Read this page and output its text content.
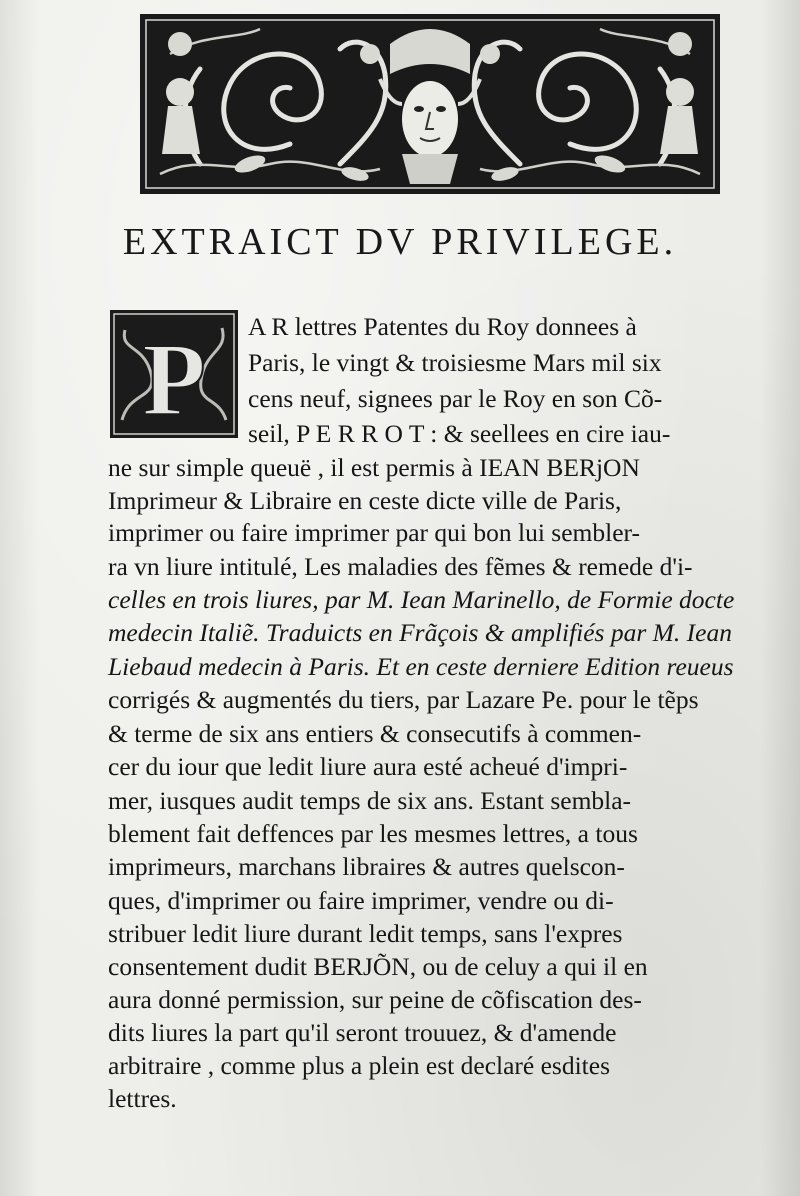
EXTRAICT DV PRIVILEGE.
P A R lettres Patentes du Roy donnees à
Paris, le vingt & troisiesme Mars mil six
cens neuf, signees par le Roy en son Cõ-
seil, P E R R O T : & seellees en cire iau-
ne sur simple queuë , il est permis à IEAN BERjON
Imprimeur & Libraire en ceste dicte ville de Paris,
imprimer ou faire imprimer par qui bon lui sembler-
ra vn liure intitulé, Les maladies des fẽmes & remede d'i-
celles en trois liures, par M. Iean Marinello, de Formie docte
medecin Italiẽ. Traduicts en Frãçois & amplifiés par M. Iean
Liebaud medecin à Paris. Et en ceste derniere Edition reueus
corrigés & augmentés du tiers, par Lazare Pe. pour le tẽps
& terme de six ans entiers & consecutifs à commen-
cer du iour que ledit liure aura esté acheué d'impri-
mer, iusques audit temps de six ans. Estant sembla-
blement fait deffences par les mesmes lettres, a tous
imprimeurs, marchans libraires & autres quelscon-
ques, d'imprimer ou faire imprimer, vendre ou di-
stribuer ledit liure durant ledit temps, sans l'expres
consentement dudit BERJÕN, ou de celuy a qui il en
aura donné permission, sur peine de cõfiscation des-
dits liures la part qu'il seront trouuez, & d'amende
arbitraire , comme plus a plein est declaré esdites
lettres.
